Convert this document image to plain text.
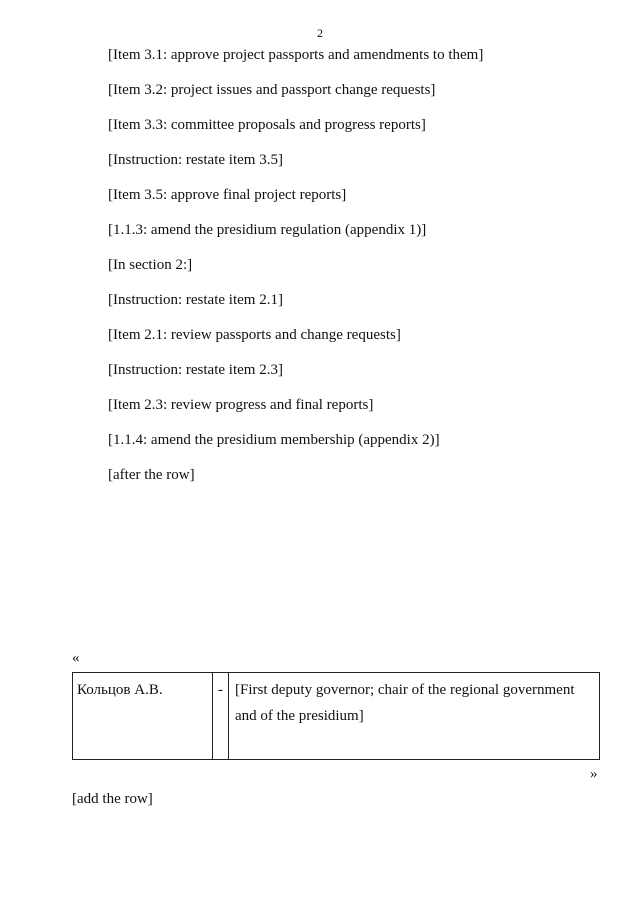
2

[Item 3.1: approve project passports and amendments to them]

[Item 3.2: project issues and passport change requests]

[Item 3.3: committee proposals and progress reports]

[Instruction: restate item 3.5]

[Item 3.5: approve final project reports]

[1.1.3: amend the presidium regulation (appendix 1)]

[In section 2:]

[Instruction: restate item 2.1]

[Item 2.1: review passports and change requests]

[Instruction: restate item 2.3]

[Item 2.3: review progress and final reports]

[1.1.4: amend the presidium membership (appendix 2)]

[after the row]

«
Кольцов А.В.	- [First deputy governor; chair of the regional government and of the presidium]
»
[add the row]
